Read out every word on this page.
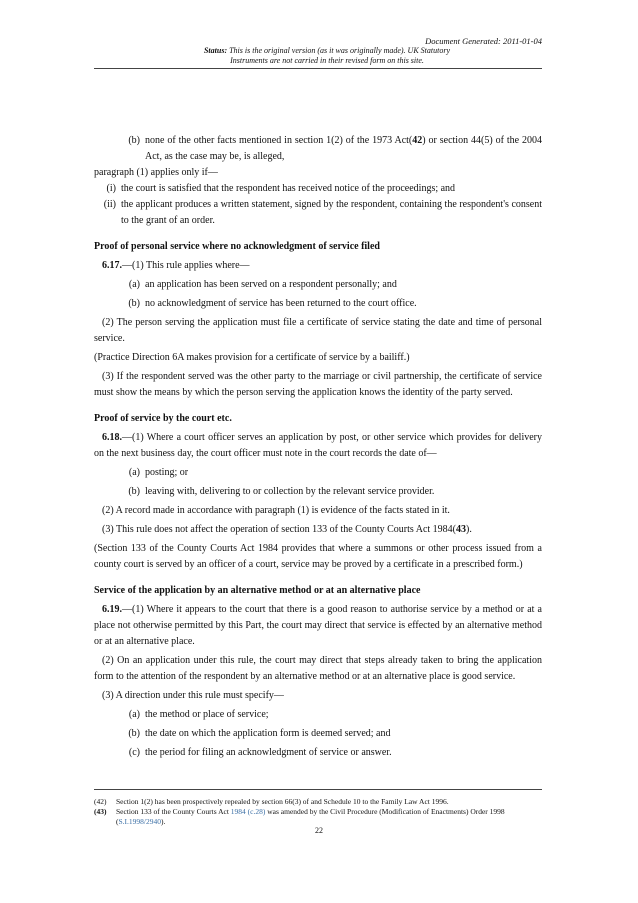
Document Generated: 2011-01-04
Status: This is the original version (as it was originally made). UK Statutory Instruments are not carried in their revised form on this site.
(b) none of the other facts mentioned in section 1(2) of the 1973 Act(42) or section 44(5) of the 2004 Act, as the case may be, is alleged,

paragraph (1) applies only if—

(i) the court is satisfied that the respondent has received notice of the proceedings; and
(ii) the applicant produces a written statement, signed by the respondent, containing the respondent's consent to the grant of an order.
Proof of personal service where no acknowledgment of service filed

6.17.—(1) This rule applies where—

(a) an application has been served on a respondent personally; and
(b) no acknowledgment of service has been returned to the court office.

(2) The person serving the application must file a certificate of service stating the date and time of personal service.

(Practice Direction 6A makes provision for a certificate of service by a bailiff.)

(3) If the respondent served was the other party to the marriage or civil partnership, the certificate of service must show the means by which the person serving the application knows the identity of the party served.

Proof of service by the court etc.

6.18.—(1) Where a court officer serves an application by post, or other service which provides for delivery on the next business day, the court officer must note in the court records the date of—

(a) posting; or
(b) leaving with, delivering to or collection by the relevant service provider.

(2) A record made in accordance with paragraph (1) is evidence of the facts stated in it.

(3) This rule does not affect the operation of section 133 of the County Courts Act 1984(43).

(Section 133 of the County Courts Act 1984 provides that where a summons or other process issued from a county court is served by an officer of a court, service may be proved by a certificate in a prescribed form.)

Service of the application by an alternative method or at an alternative place

6.19.—(1) Where it appears to the court that there is a good reason to authorise service by a method or at a place not otherwise permitted by this Part, the court may direct that service is effected by an alternative method or at an alternative place.

(2) On an application under this rule, the court may direct that steps already taken to bring the application form to the attention of the respondent by an alternative method or at an alternative place is good service.

(3) A direction under this rule must specify—

(a) the method or place of service;
(b) the date on which the application form is deemed served; and
(c) the period for filing an acknowledgment of service or answer.
(42)	Section 1(2) has been prospectively repealed by section 66(3) of and Schedule 10 to the Family Law Act 1996.
(43)	Section 133 of the County Courts Act 1984 (c.28) was amended by the Civil Procedure (Modification of Enactments) Order 1998 (S.I.1998/2940).
22
